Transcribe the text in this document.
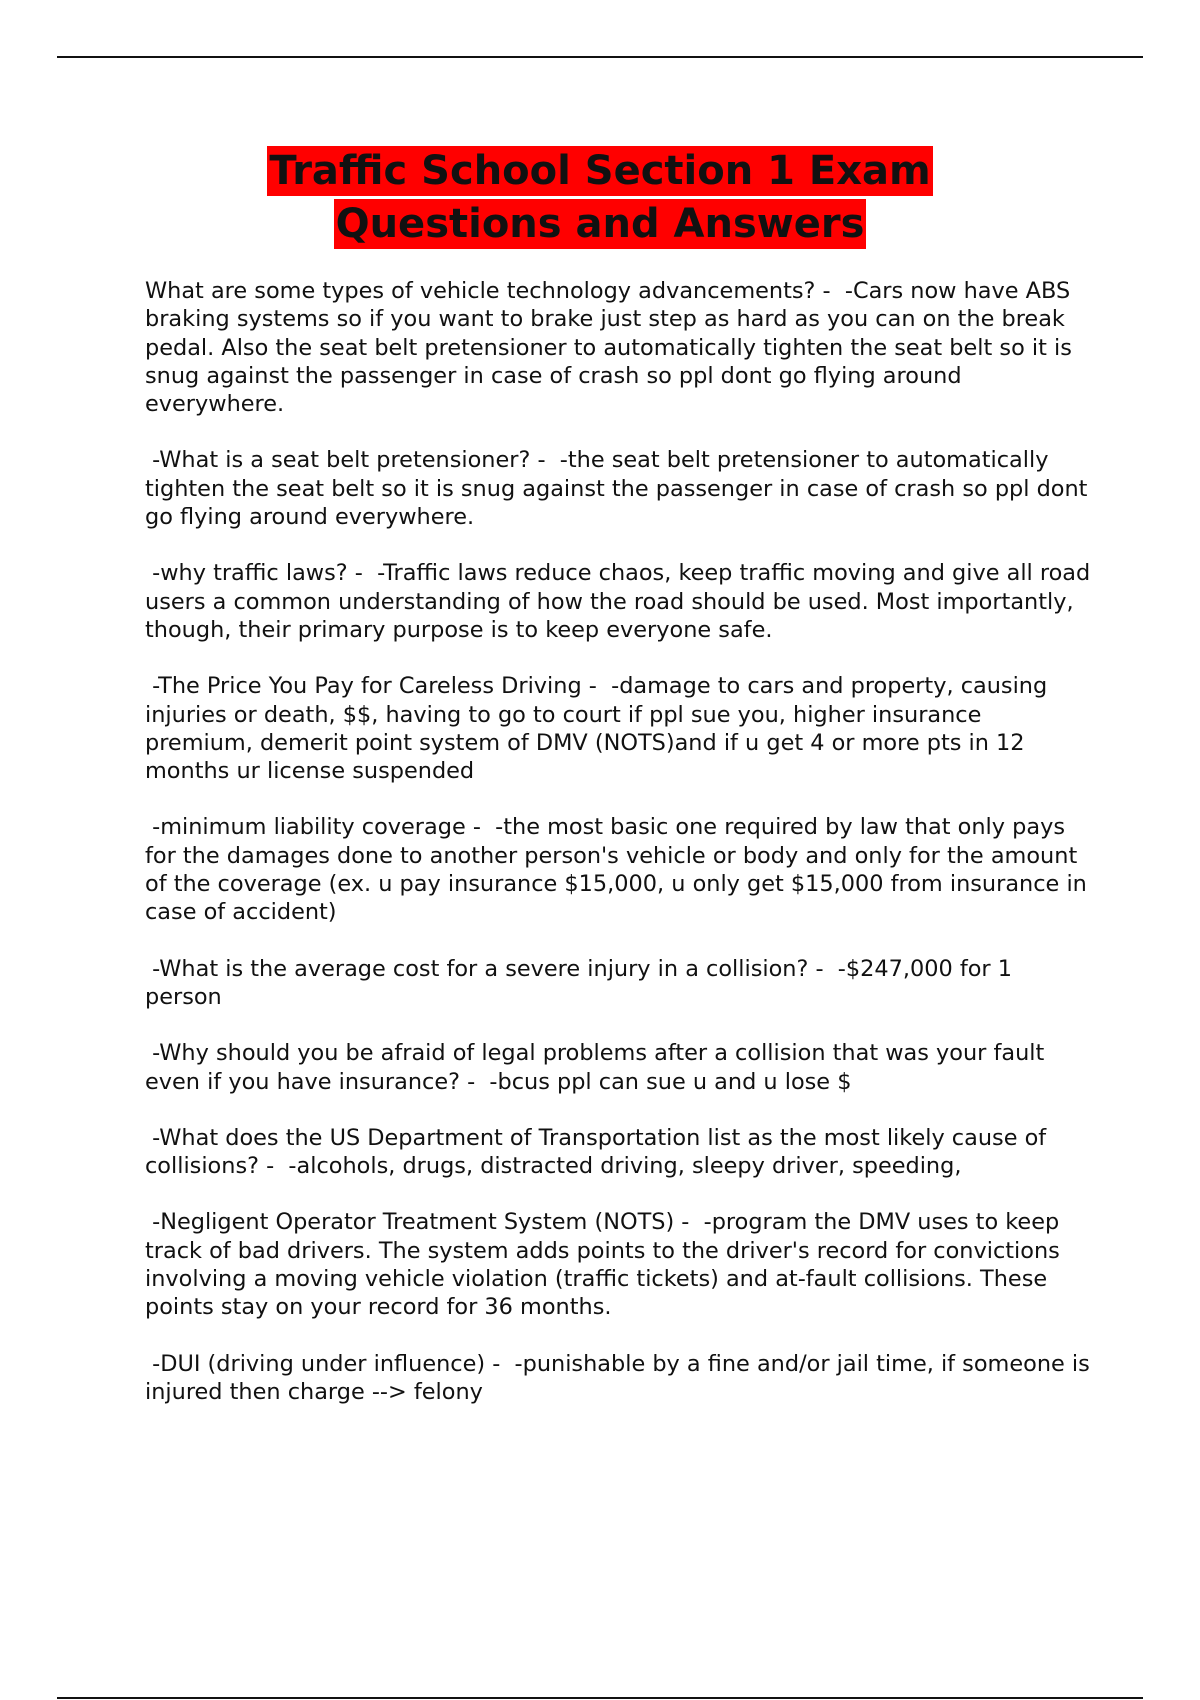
Traffic School Section 1 Exam
Questions and Answers

What are some types of vehicle technology advancements? -  -Cars now have ABS braking systems so if you want to brake just step as hard as you can on the break pedal. Also the seat belt pretensioner to automatically tighten the seat belt so it is snug against the passenger in case of crash so ppl dont go flying around everywhere.

-What is a seat belt pretensioner? -  -the seat belt pretensioner to automatically tighten the seat belt so it is snug against the passenger in case of crash so ppl dont go flying around everywhere.

-why traffic laws? -  -Traffic laws reduce chaos, keep traffic moving and give all road users a common understanding of how the road should be used. Most importantly, though, their primary purpose is to keep everyone safe.

-The Price You Pay for Careless Driving -  -damage to cars and property, causing injuries or death, $$, having to go to court if ppl sue you, higher insurance premium, demerit point system of DMV (NOTS)and if u get 4 or more pts in 12 months ur license suspended

-minimum liability coverage -  -the most basic one required by law that only pays for the damages done to another person's vehicle or body and only for the amount of the coverage (ex. u pay insurance $15,000, u only get $15,000 from insurance in case of accident)

-What is the average cost for a severe injury in a collision? -  -$247,000 for 1 person

-Why should you be afraid of legal problems after a collision that was your fault even if you have insurance? -  -bcus ppl can sue u and u lose $

-What does the US Department of Transportation list as the most likely cause of collisions? -  -alcohols, drugs, distracted driving, sleepy driver, speeding,

-Negligent Operator Treatment System (NOTS) -  -program the DMV uses to keep track of bad drivers. The system adds points to the driver's record for convictions involving a moving vehicle violation (traffic tickets) and at-fault collisions. These points stay on your record for 36 months.

-DUI (driving under influence) -  -punishable by a fine and/or jail time, if someone is injured then charge --> felony
